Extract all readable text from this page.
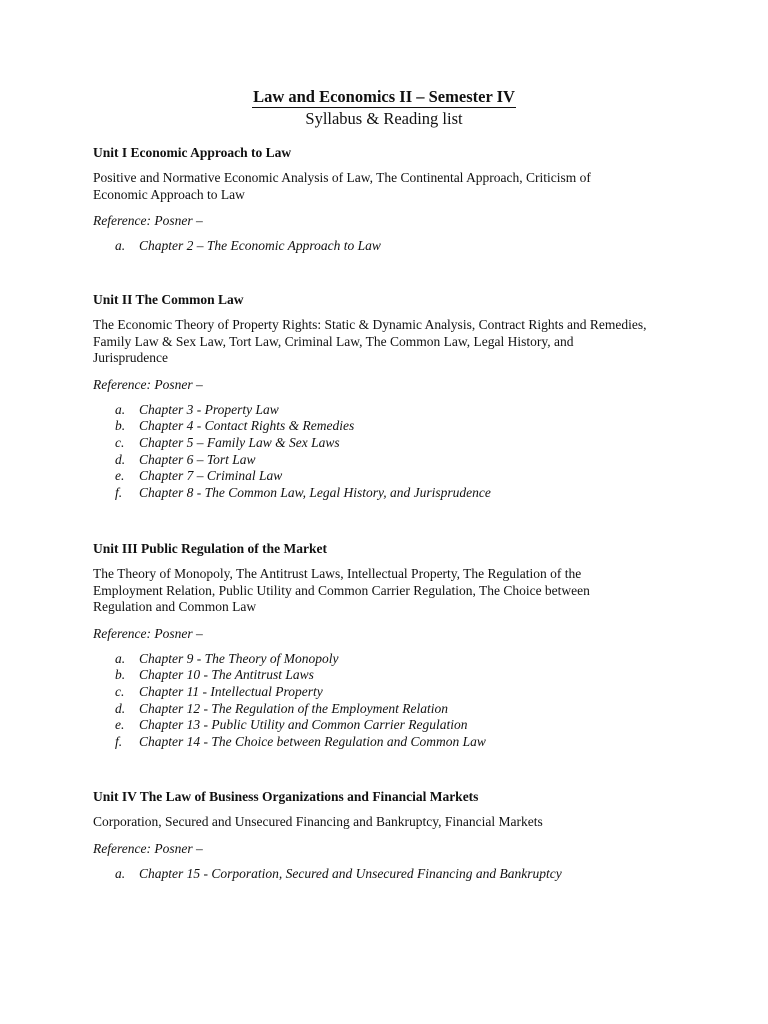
Law and Economics II – Semester IV
Syllabus & Reading list
Unit I Economic Approach to Law
Positive and Normative Economic Analysis of Law, The Continental Approach, Criticism of
Economic Approach to Law
Reference: Posner –
a. Chapter 2 – The Economic Approach to Law
Unit II The Common Law
The Economic Theory of Property Rights: Static & Dynamic Analysis, Contract Rights and Remedies,
Family Law & Sex Law, Tort Law, Criminal Law, The Common Law, Legal History, and
Jurisprudence
Reference: Posner –
a. Chapter 3 - Property Law
b. Chapter 4 - Contact Rights & Remedies
c. Chapter 5 – Family Law & Sex Laws
d. Chapter 6 – Tort Law
e. Chapter 7 – Criminal Law
f. Chapter 8 - The Common Law, Legal History, and Jurisprudence
Unit III Public Regulation of the Market
The Theory of Monopoly, The Antitrust Laws, Intellectual Property, The Regulation of the
Employment Relation, Public Utility and Common Carrier Regulation, The Choice between
Regulation and Common Law
Reference: Posner –
a. Chapter 9 - The Theory of Monopoly
b. Chapter 10 - The Antitrust Laws
c. Chapter 11 - Intellectual Property
d. Chapter 12 - The Regulation of the Employment Relation
e. Chapter 13 - Public Utility and Common Carrier Regulation
f. Chapter 14 - The Choice between Regulation and Common Law
Unit IV The Law of Business Organizations and Financial Markets
Corporation, Secured and Unsecured Financing and Bankruptcy, Financial Markets
Reference: Posner –
a. Chapter 15 - Corporation, Secured and Unsecured Financing and Bankruptcy
